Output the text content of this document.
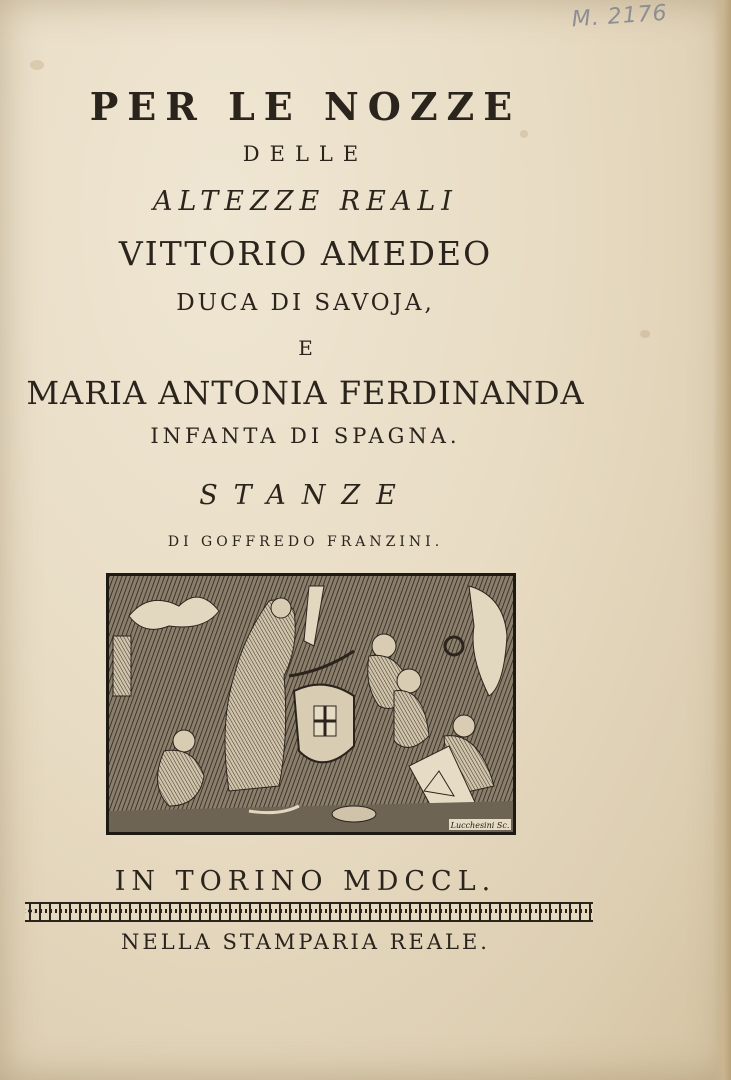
M. 2176
PER LE NOZZE
DELLE
ALTEZZE REALI
VITTORIO AMEDEO
DUCA DI SAVOJA,
E
MARIA ANTONIA FERDINANDA
INFANTA DI SPAGNA.
STANZE
DI GOFFREDO FRANZINI.
Lucchesini Sc.
IN TORINO MDCCL.
NELLA STAMPARIA REALE.
